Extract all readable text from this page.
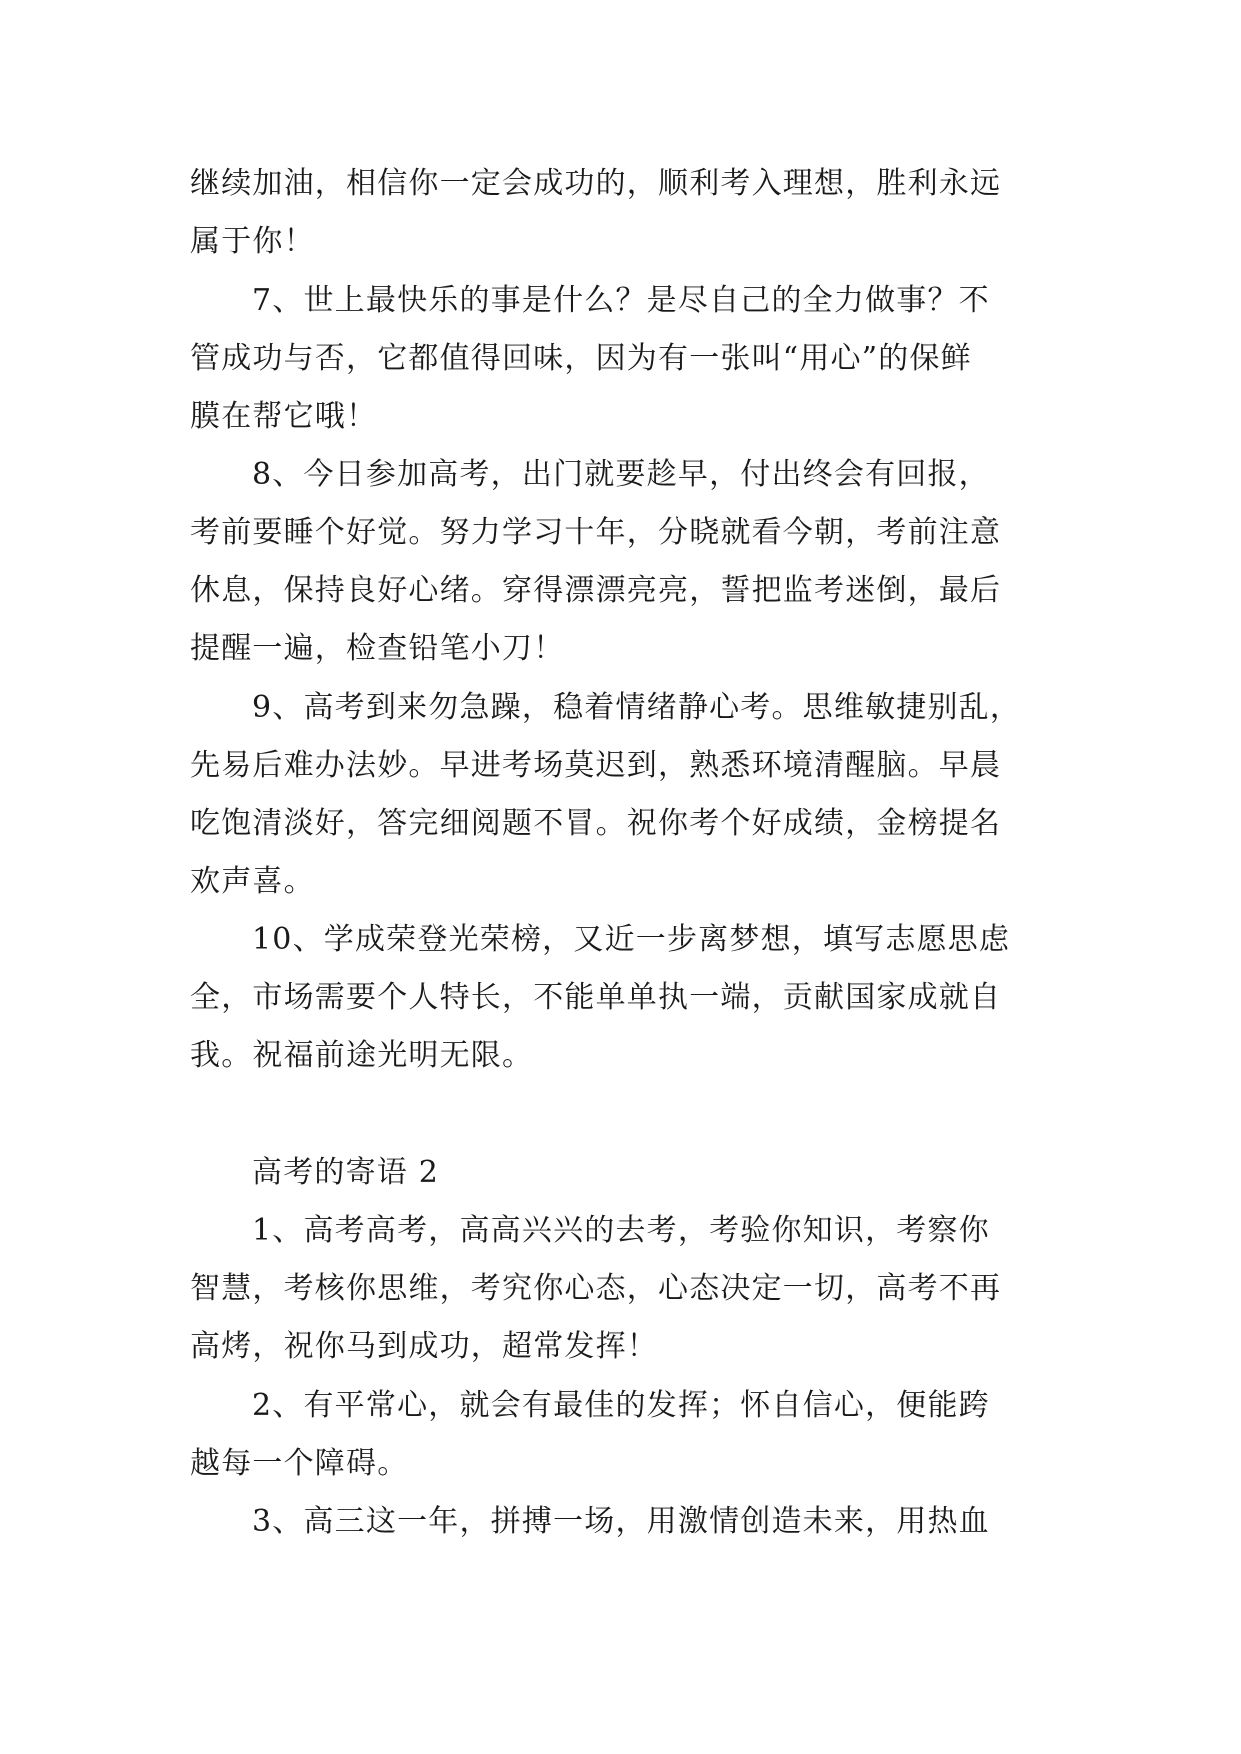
继续加油，相信你一定会成功的，顺利考入理想，胜利永远
属于你！
7、世上最快乐的事是什么？是尽自己的全力做事？不
管成功与否，它都值得回味，因为有一张叫“用心”的保鲜
膜在帮它哦！
8、今日参加高考，出门就要趁早，付出终会有回报，
考前要睡个好觉。努力学习十年，分晓就看今朝，考前注意
休息，保持良好心绪。穿得漂漂亮亮，誓把监考迷倒，最后
提醒一遍，检查铅笔小刀！
9、高考到来勿急躁，稳着情绪静心考。思维敏捷别乱，
先易后难办法妙。早进考场莫迟到，熟悉环境清醒脑。早晨
吃饱清淡好，答完细阅题不冒。祝你考个好成绩，金榜提名
欢声喜。
10、学成荣登光荣榜，又近一步离梦想，填写志愿思虑
全，市场需要个人特长，不能单单执一端，贡献国家成就自
我。祝福前途光明无限。
高考的寄语 2
1、高考高考，高高兴兴的去考，考验你知识，考察你
智慧，考核你思维，考究你心态，心态决定一切，高考不再
高烤，祝你马到成功，超常发挥！
2、有平常心，就会有最佳的发挥；怀自信心，便能跨
越每一个障碍。
3、高三这一年，拼搏一场，用激情创造未来，用热血
